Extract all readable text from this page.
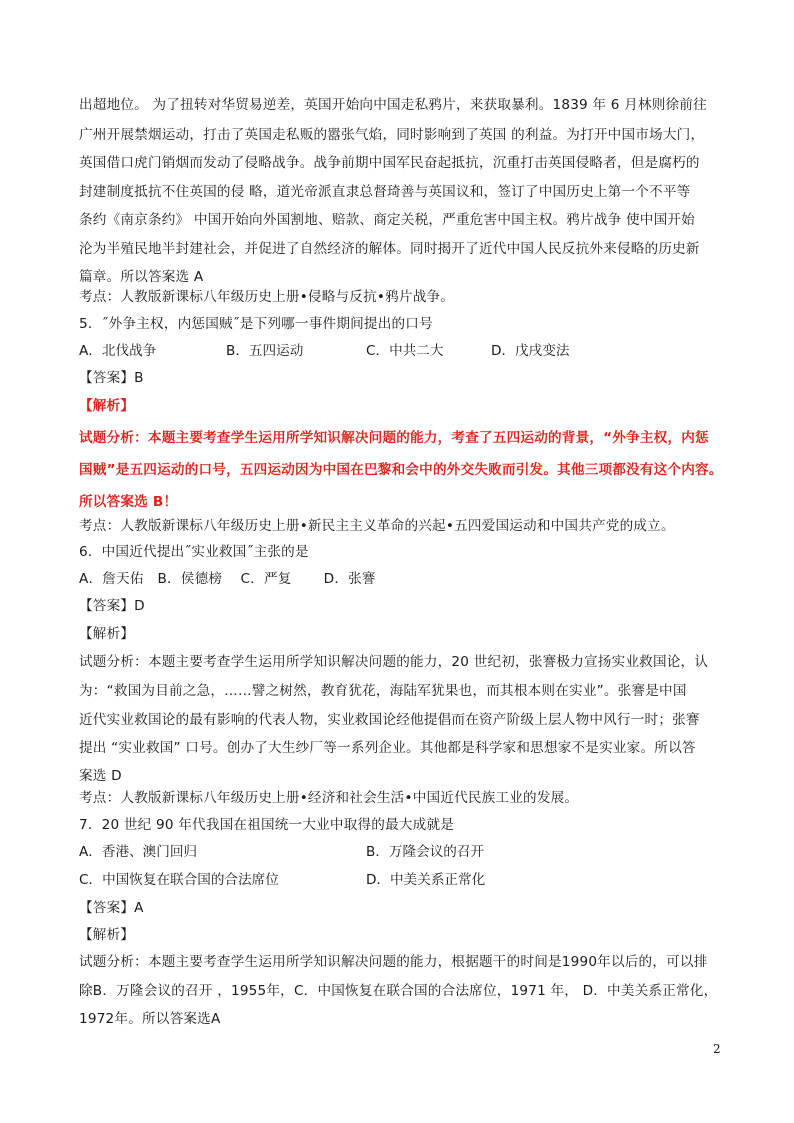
出超地位。 为了扭转对华贸易逆差，英国开始向中国走私鸦片，来获取暴利。1839 年 6 月林则徐前往
广州开展禁烟运动，打击了英国走私贩的嚣张气焰，同时影响到了英国 的利益。为打开中国市场大门，
英国借口虎门销烟而发动了侵略战争。战争前期中国军民奋起抵抗，沉重打击英国侵略者，但是腐朽的
封建制度抵抗不住英国的侵 略，道光帝派直隶总督琦善与英国议和，签订了中国历史上第一个不平等
条约《南京条约》 中国开始向外国割地、赔款、商定关税，严重危害中国主权。鸦片战争 使中国开始
沦为半殖民地半封建社会，并促进了自然经济的解体。同时揭开了近代中国人民反抗外来侵略的历史新
篇章。所以答案选 A
考点：人教版新课标八年级历史上册•侵略与反抗•鸦片战争。
5．˝外争主权，内惩国贼˝是下列哪一事件期间提出的口号
A．北伐战争	B．五四运动	C．中共二大	D．戊戌变法
【答案】B
【解析】
试题分析：本题主要考查学生运用所学知识解决问题的能力，考查了五四运动的背景，“外争主权，内惩
国贼”是五四运动的口号，五四运动因为中国在巴黎和会中的外交失败而引发。其他三项都没有这个内容。
所以答案选 B！
考点：人教版新课标八年级历史上册•新民主主义革命的兴起•五四爱国运动和中国共产党的成立。
6．中国近代提出˝实业救国˝主张的是
A．詹天佑　B．侯德榜　 C．严复　　 D．张謇
【答案】D
【解析】
试题分析：本题主要考查学生运用所学知识解决问题的能力，20 世纪初，张謇极力宣扬实业救国论，认
为：“救国为目前之急，……譬之树然，教育犹花，海陆军犹果也，而其根本则在实业”。张謇是中国
近代实业救国论的最有影响的代表人物，实业救国论经他提倡而在资产阶级上层人物中风行一时；张謇
提出 “实业救国” 口号。创办了大生纱厂等一系列企业。其他都是科学家和思想家不是实业家。所以答
案选 D
考点：人教版新课标八年级历史上册•经济和社会生活•中国近代民族工业的发展。
7．20 世纪 90 年代我国在祖国统一大业中取得的最大成就是
A．香港、澳门回归	B．万隆会议的召开
C．中国恢复在联合国的合法席位	D．中美关系正常化
【答案】A
【解析】
试题分析：本题主要考查学生运用所学知识解决问题的能力，根据题干的时间是1990年以后的，可以排
除B．万隆会议的召开 ，1955年，C．中国恢复在联合国的合法席位，1971 年， D．中美关系正常化，
1972年。所以答案选A
2
